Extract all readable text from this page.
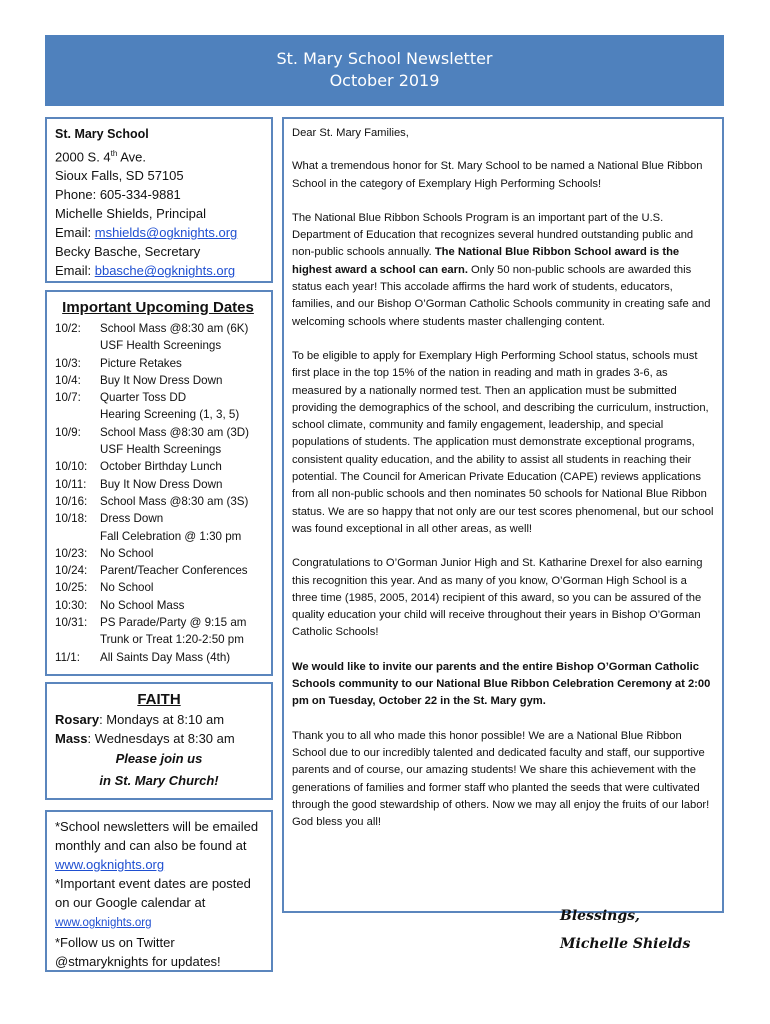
St. Mary School Newsletter
October 2019
St. Mary School
2000 S. 4th Ave.
Sioux Falls, SD 57105
Phone: 605-334-9881
Michelle Shields, Principal
Email: mshields@ogknights.org
Becky Basche, Secretary
Email: bbasche@ogknights.org
Important Upcoming Dates
10/2:	School Mass @8:30 am (6K)
USF Health Screenings
10/3:	Picture Retakes
10/4:	Buy It Now Dress Down
10/7:	Quarter Toss DD
Hearing Screening (1, 3, 5)
10/9:	School Mass @8:30 am (3D)
USF Health Screenings
10/10:	October Birthday Lunch
10/11:	Buy It Now Dress Down
10/16:	School Mass @8:30 am (3S)
10/18:	Dress Down
Fall Celebration @ 1:30 pm
10/23:	No School
10/24:	Parent/Teacher Conferences
10/25:	No School
10:30:	No School Mass
10/31:	PS Parade/Party @ 9:15 am
Trunk or Treat 1:20-2:50 pm
11/1:	All Saints Day Mass (4th)
FAITH
Rosary: Mondays at 8:10 am
Mass: Wednesdays at 8:30 am
Please join us
in St. Mary Church!
*School newsletters will be emailed monthly and can also be found at www.ogknights.org
*Important event dates are posted on our Google calendar at www.ogknights.org
*Follow us on Twitter @stmaryknights for updates!

Dear St. Mary Families,

What a tremendous honor for St. Mary School to be named a National Blue Ribbon School in the category of Exemplary High Performing Schools!

The National Blue Ribbon Schools Program is an important part of the U.S. Department of Education that recognizes several hundred outstanding public and non-public schools annually. The National Blue Ribbon School award is the highest award a school can earn. Only 50 non-public schools are awarded this status each year! This accolade affirms the hard work of students, educators, families, and our Bishop O’Gorman Catholic Schools community in creating safe and welcoming schools where students master challenging content.

To be eligible to apply for Exemplary High Performing School status, schools must first place in the top 15% of the nation in reading and math in grades 3-6, as measured by a nationally normed test. Then an application must be submitted providing the demographics of the school, and describing the curriculum, instruction, school climate, community and family engagement, leadership, and special populations of students. The application must demonstrate exceptional programs, consistent quality education, and the ability to assist all students in reaching their potential. The Council for American Private Education (CAPE) reviews applications from all non-public schools and then nominates 50 schools for National Blue Ribbon status. We are so happy that not only are our test scores phenomenal, but our school was found exceptional in all other areas, as well!

Congratulations to O’Gorman Junior High and St. Katharine Drexel for also earning this recognition this year. And as many of you know, O’Gorman High School is a three time (1985, 2005, 2014) recipient of this award, so you can be assured of the quality education your child will receive throughout their years in Bishop O’Gorman Catholic Schools!

We would like to invite our parents and the entire Bishop O’Gorman Catholic Schools community to our National Blue Ribbon Celebration Ceremony at 2:00 pm on Tuesday, October 22 in the St. Mary gym.

Thank you to all who made this honor possible! We are a National Blue Ribbon School due to our incredibly talented and dedicated faculty and staff, our supportive parents and of course, our amazing students! We share this achievement with the generations of families and former staff who planted the seeds that were cultivated through the good stewardship of others. Now we may all enjoy the fruits of our labor! God bless you all!

Blessings,
Michelle Shields
